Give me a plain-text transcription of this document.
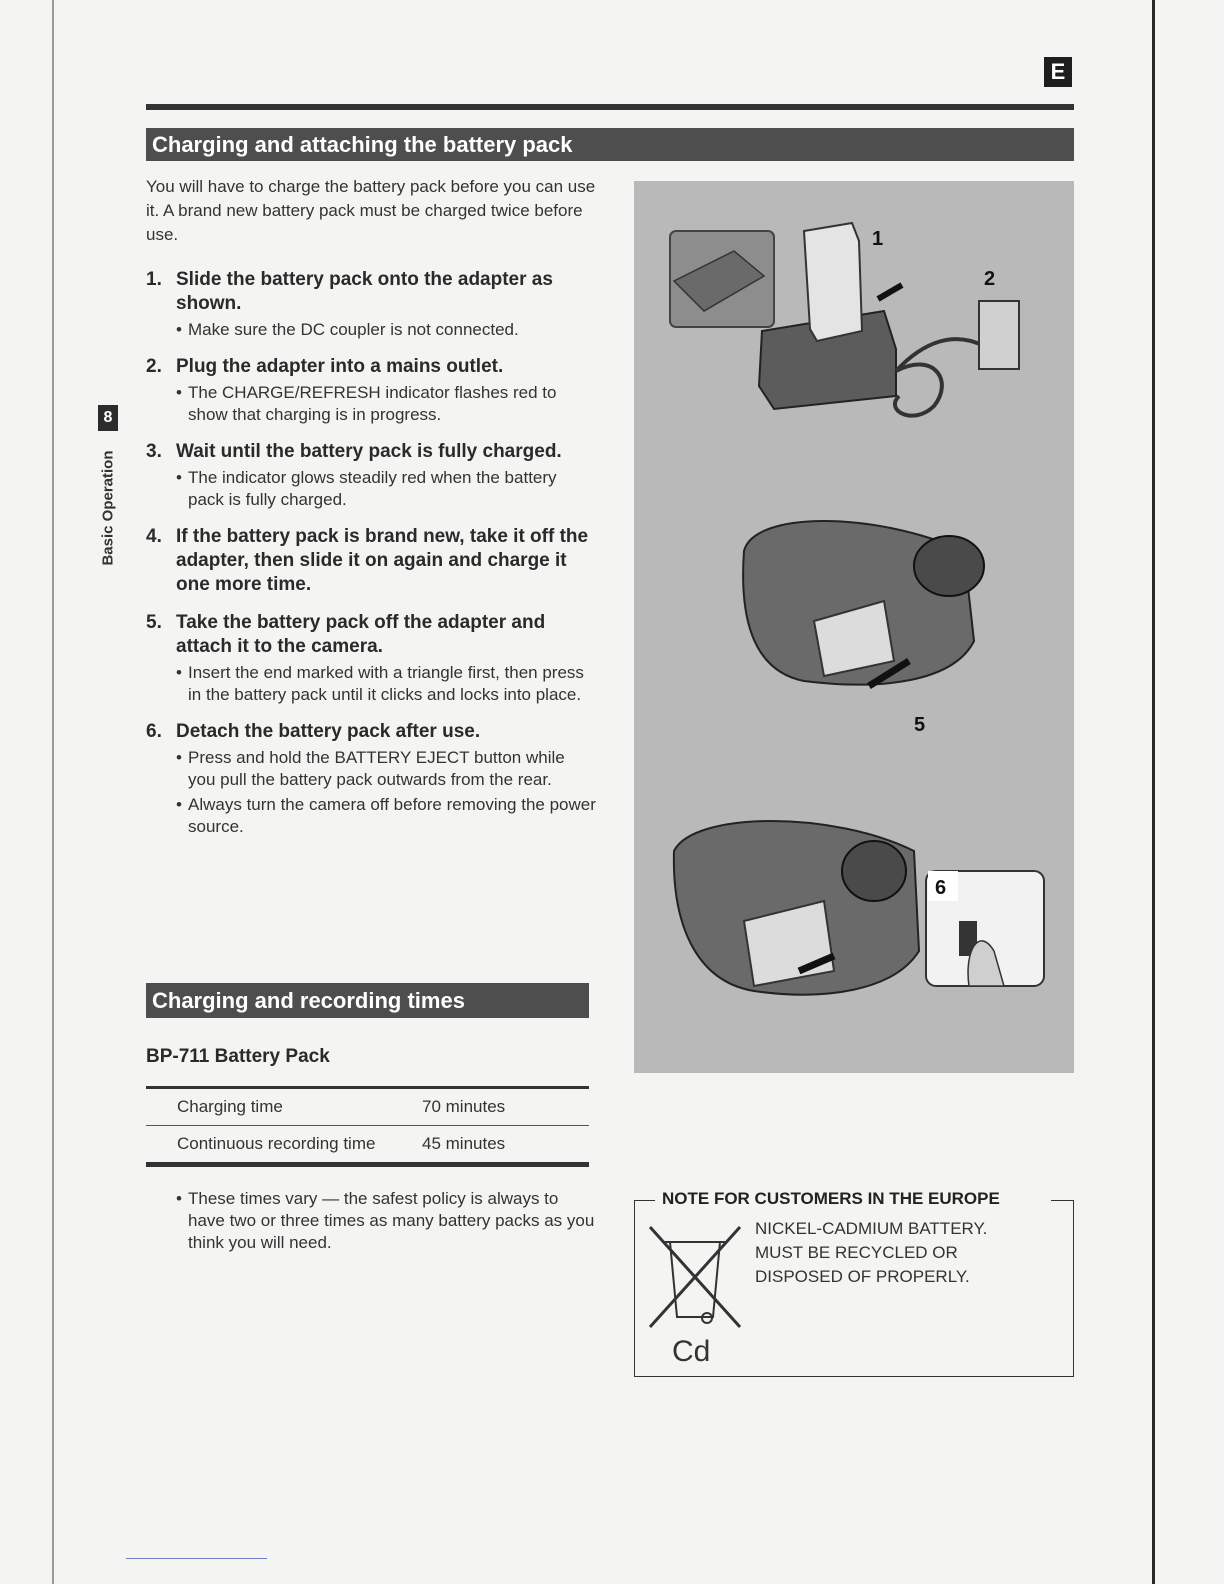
E
Charging and attaching the battery pack
8
Basic Operation

You will have to charge the battery pack before you can use it. A brand new battery pack must be charged twice before use.

1. Slide the battery pack onto the adapter as shown.
• Make sure the DC coupler is not connected.
2. Plug the adapter into a mains outlet.
• The CHARGE/REFRESH indicator flashes red to show that charging is in progress.
3. Wait until the battery pack is fully charged.
• The indicator glows steadily red when the battery pack is fully charged.
4. If the battery pack is brand new, take it off the adapter, then slide it on again and charge it one more time.
5. Take the battery pack off the adapter and attach it to the camera.
• Insert the end marked with a triangle first, then press in the battery pack until it clicks and locks into place.
6. Detach the battery pack after use.
• Press and hold the BATTERY EJECT button while you pull the battery pack outwards from the rear.
• Always turn the camera off before removing the power source.
Charging and recording times
BP-711 Battery Pack
Charging time	70 minutes
Continuous recording time	45 minutes
• These times vary — the safest policy is always to have two or three times as many battery packs as you think you will need.
1
2
5
6
NOTE FOR CUSTOMERS IN THE EUROPE
NICKEL-CADMIUM BATTERY.
MUST BE RECYCLED OR
DISPOSED OF PROPERLY.
Cd
